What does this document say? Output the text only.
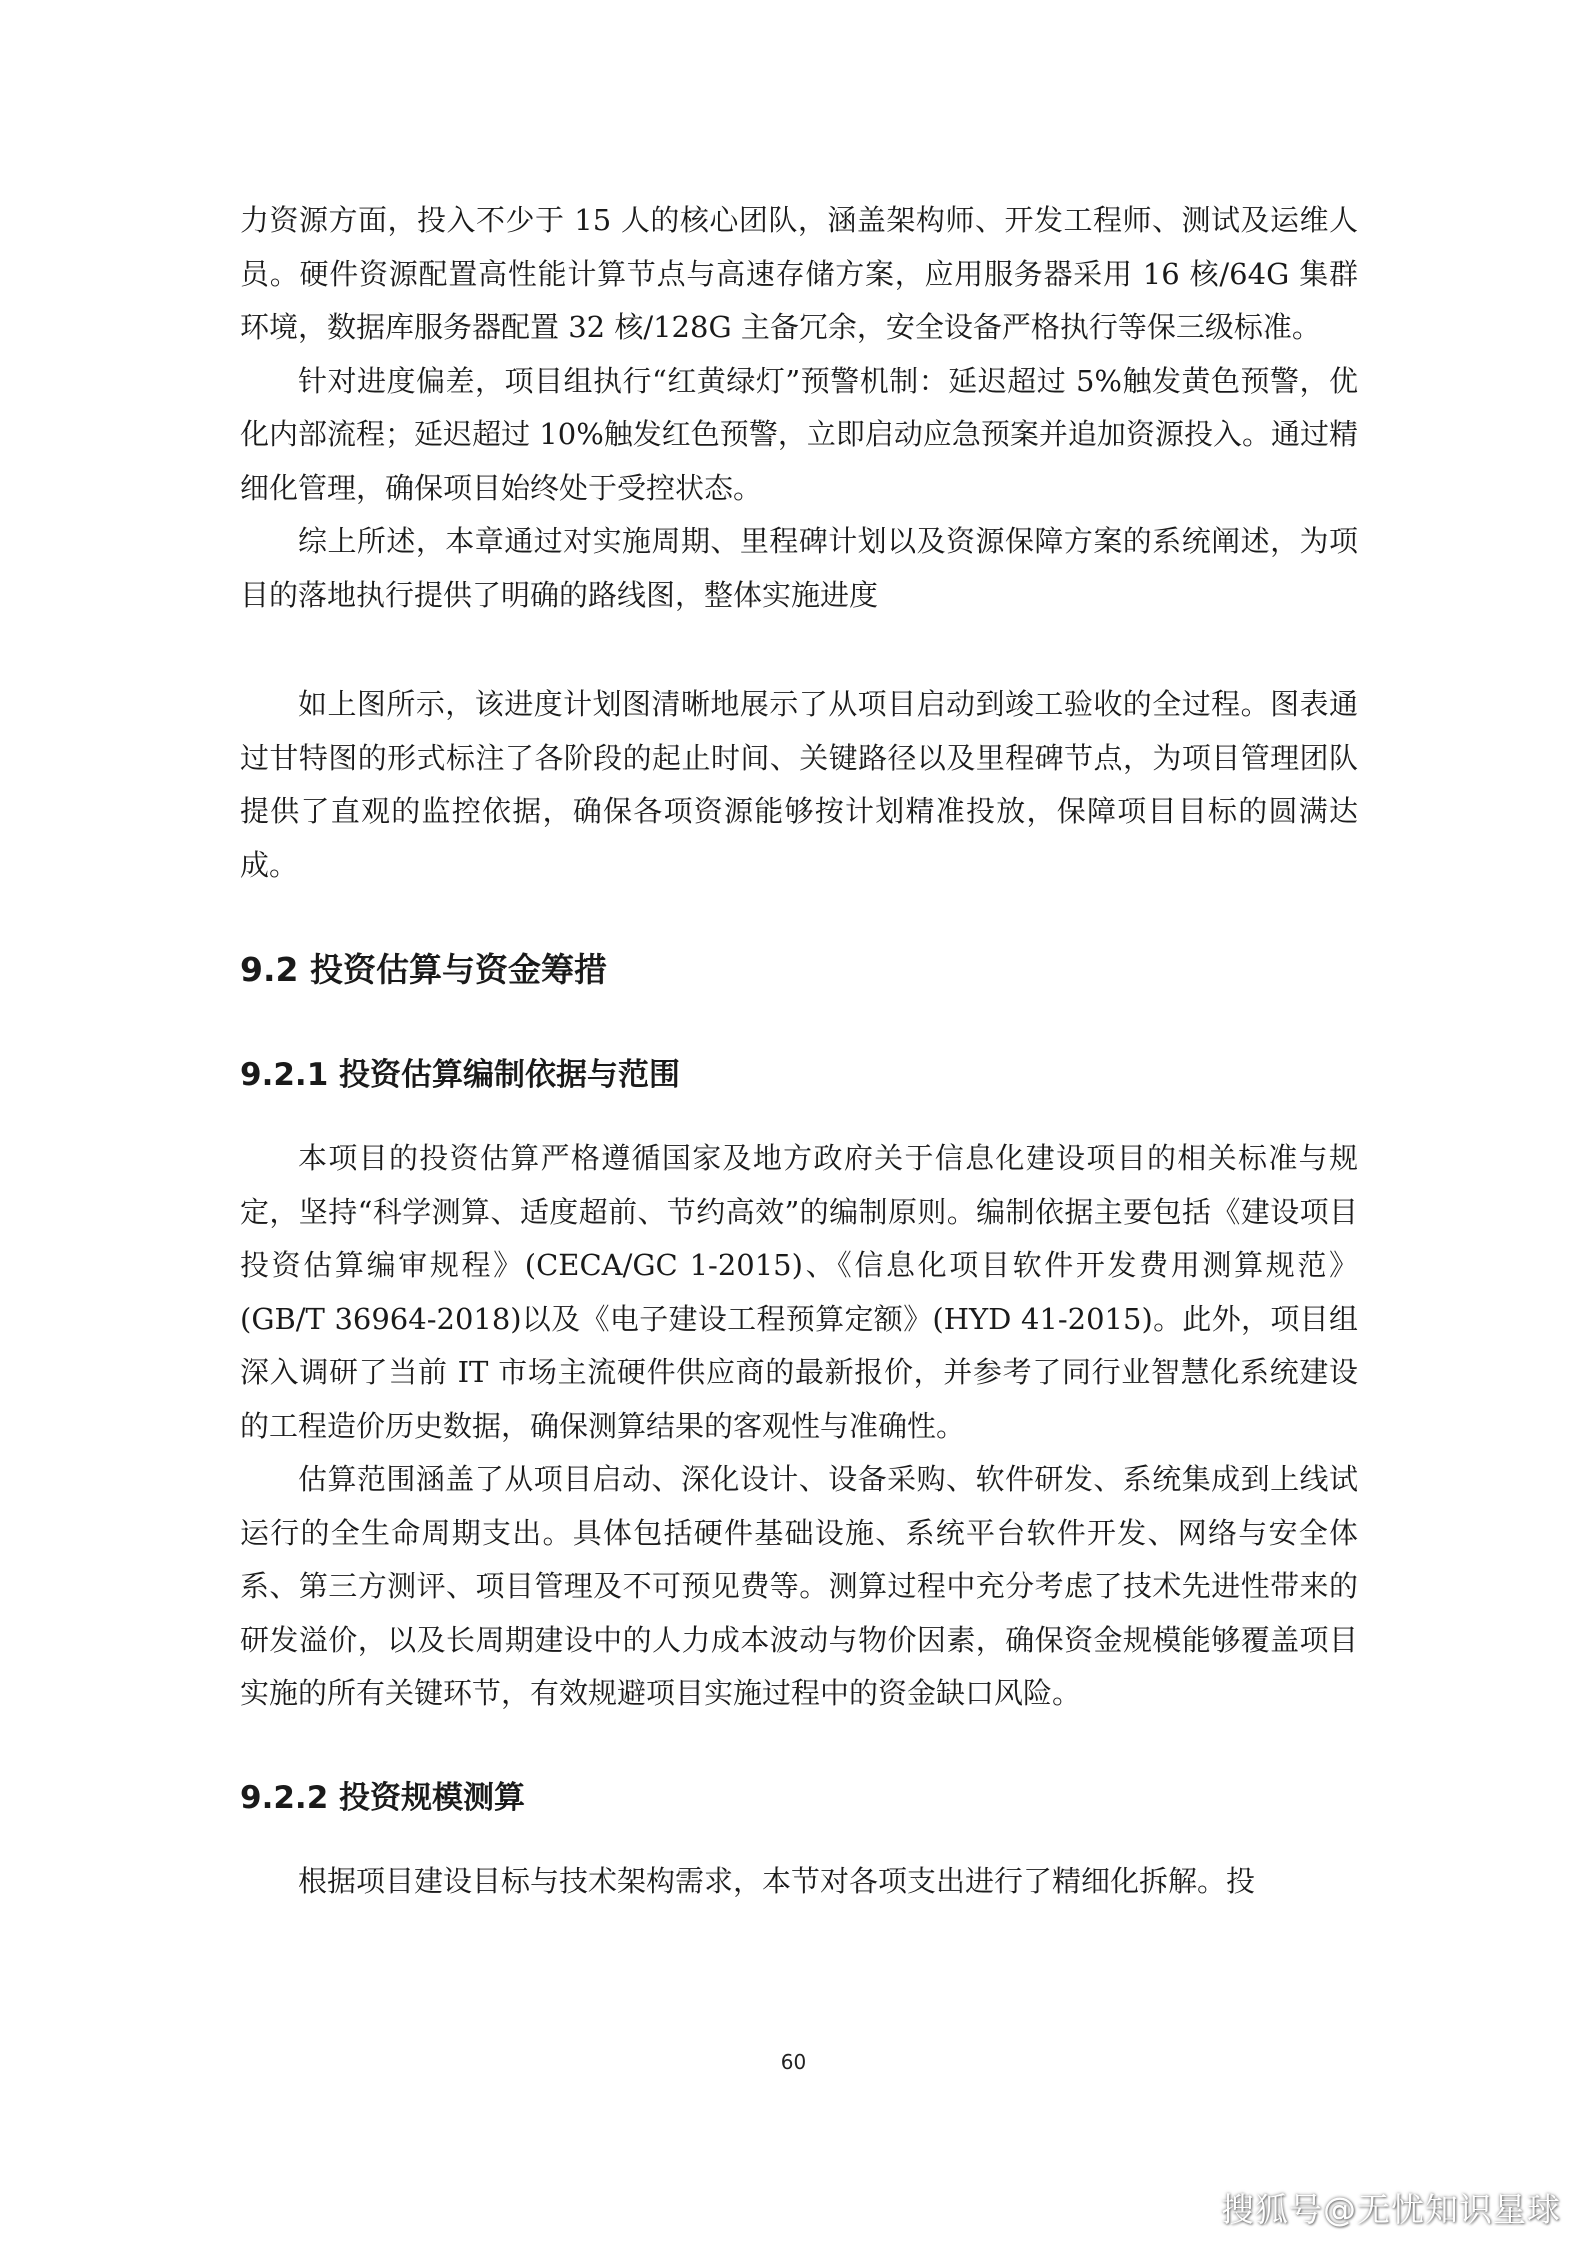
力资源方面，投入不少于 15 人的核心团队，涵盖架构师、开发工程师、测试及运维人员。硬件资源配置高性能计算节点与高速存储方案，应用服务器采用 16 核/64G 集群环境，数据库服务器配置 32 核/128G 主备冗余，安全设备严格执行等保三级标准。

针对进度偏差，项目组执行“红黄绿灯”预警机制：延迟超过 5%触发黄色预警，优化内部流程；延迟超过 10%触发红色预警，立即启动应急预案并追加资源投入。通过精细化管理，确保项目始终处于受控状态。

综上所述，本章通过对实施周期、里程碑计划以及资源保障方案的系统阐述，为项目的落地执行提供了明确的路线图，整体实施进度

如上图所示，该进度计划图清晰地展示了从项目启动到竣工验收的全过程。图表通过甘特图的形式标注了各阶段的起止时间、关键路径以及里程碑节点，为项目管理团队提供了直观的监控依据，确保各项资源能够按计划精准投放，保障项目目标的圆满达成。

9.2 投资估算与资金筹措
9.2.1 投资估算编制依据与范围

本项目的投资估算严格遵循国家及地方政府关于信息化建设项目的相关标准与规定，坚持“科学测算、适度超前、节约高效”的编制原则。编制依据主要包括《建设项目投资估算编审规程》(CECA/GC 1-2015)、《信息化项目软件开发费用测算规范》(GB/T 36964-2018)以及《电子建设工程预算定额》(HYD 41-2015)。此外，项目组深入调研了当前 IT 市场主流硬件供应商的最新报价，并参考了同行业智慧化系统建设的工程造价历史数据，确保测算结果的客观性与准确性。

估算范围涵盖了从项目启动、深化设计、设备采购、软件研发、系统集成到上线试运行的全生命周期支出。具体包括硬件基础设施、系统平台软件开发、网络与安全体系、第三方测评、项目管理及不可预见费等。测算过程中充分考虑了技术先进性带来的研发溢价，以及长周期建设中的人力成本波动与物价因素，确保资金规模能够覆盖项目实施的所有关键环节，有效规避项目实施过程中的资金缺口风险。

9.2.2 投资规模测算

根据项目建设目标与技术架构需求，本节对各项支出进行了精细化拆解。投

60
搜狐号@无忧知识星球
